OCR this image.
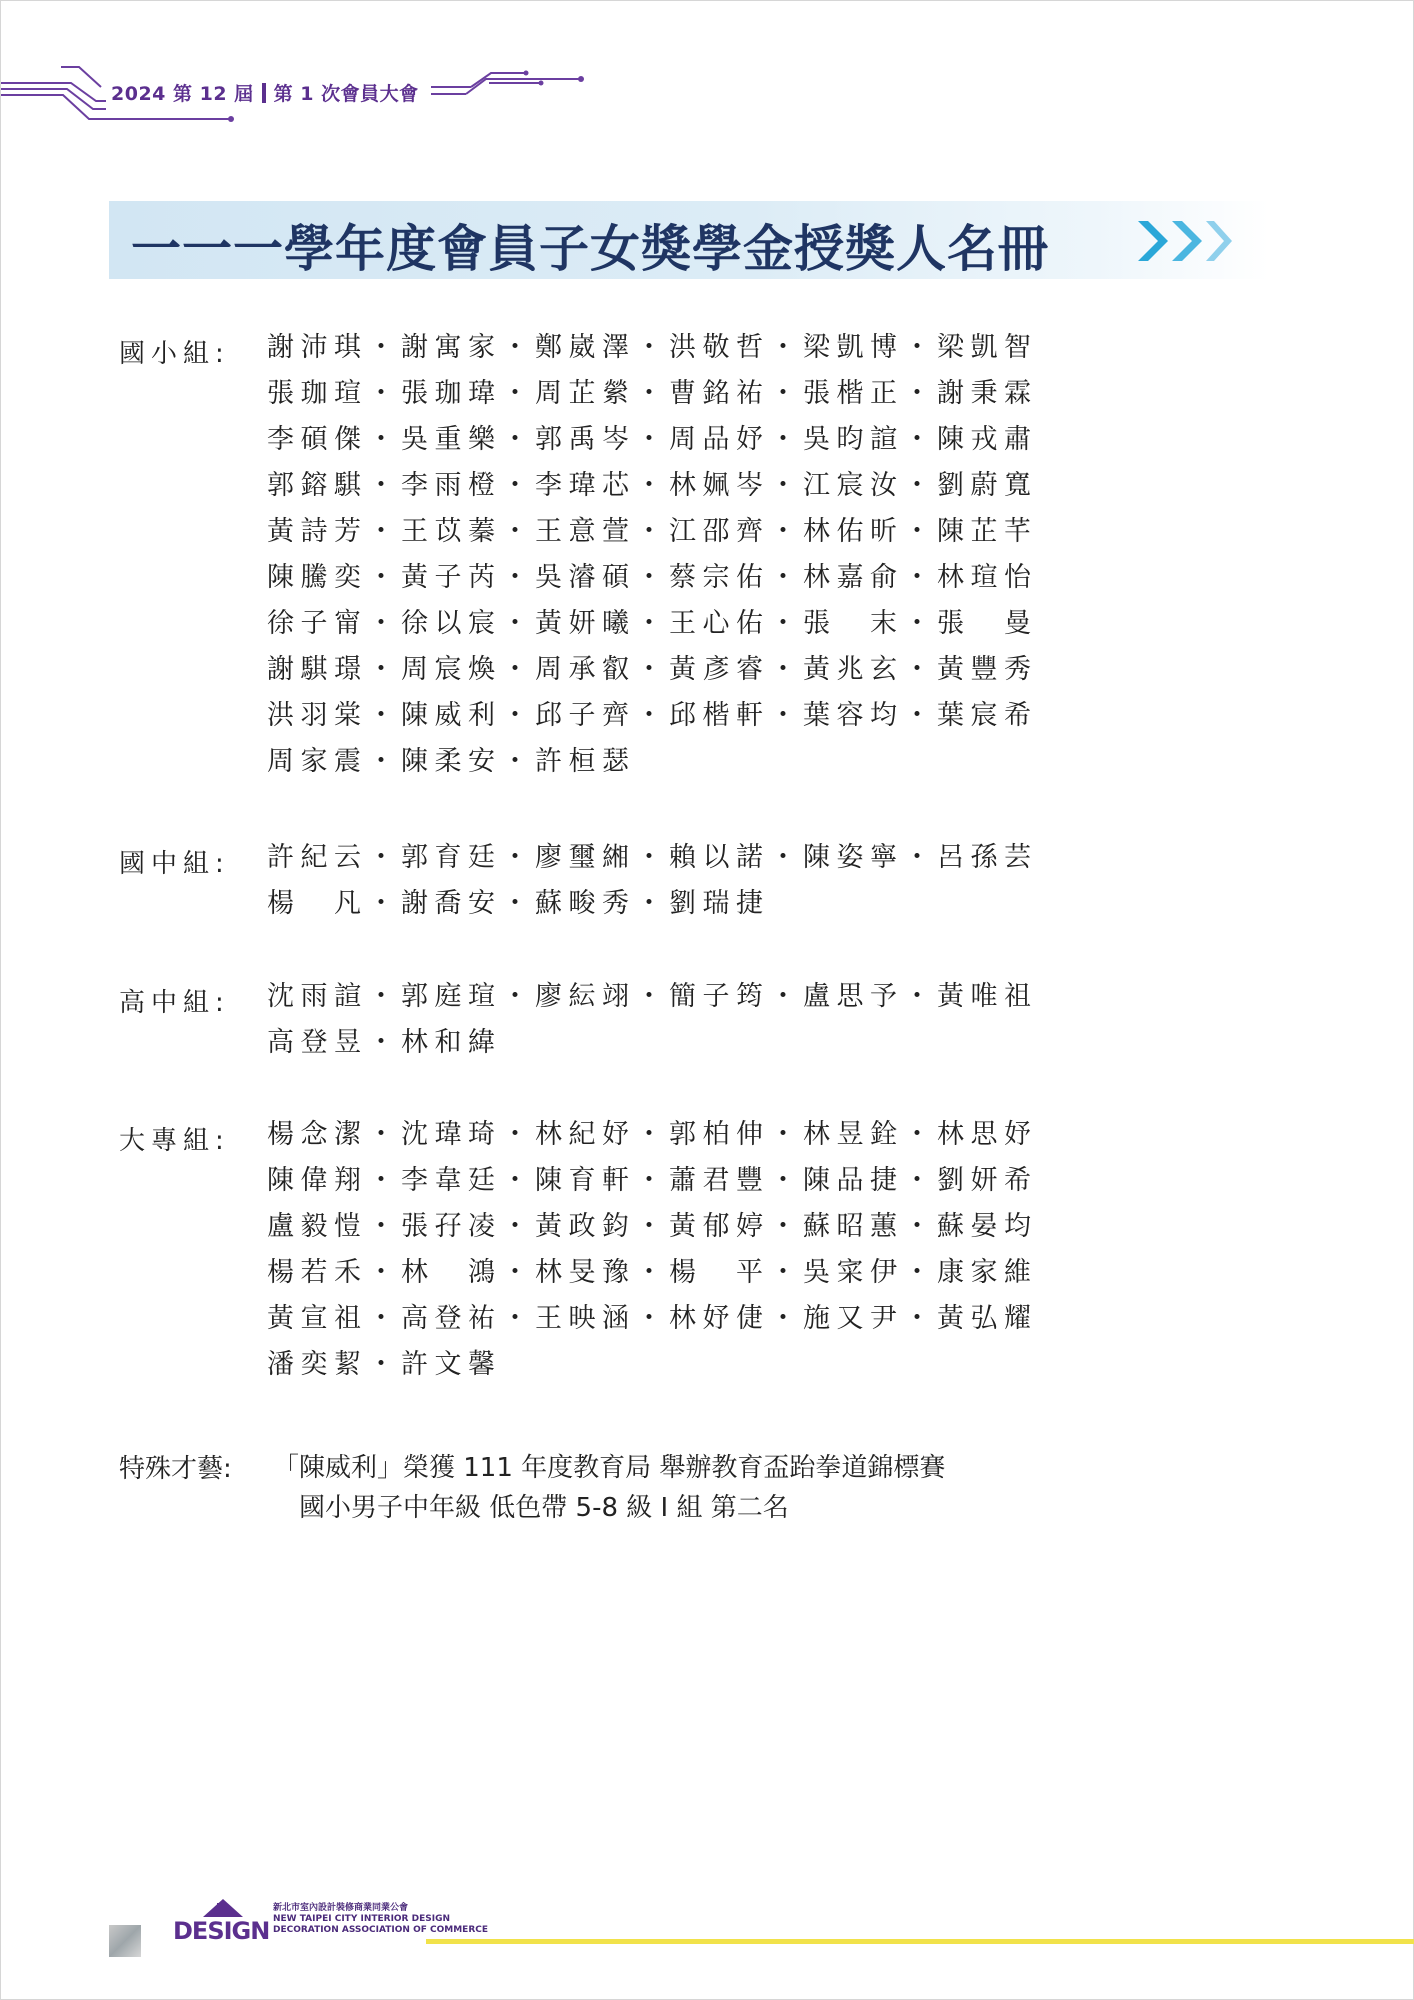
2024 第 12 屆 第 1 次會員大會
一一一學年度會員子女獎學金授獎人名冊
國小組: 謝沛琪・謝寓家・鄭崴澤・洪敬哲・梁凱博・梁凱智
張珈瑄・張珈瑋・周芷縈・曹銘祐・張楷正・謝秉霖
李碩傑・吳重樂・郭禹岑・周品妤・吳昀諠・陳戎肅
郭鎔騏・李雨橙・李瑋芯・林姵岑・江宸汝・劉蔚寬
黃詩芳・王苡蓁・王意萱・江邵齊・林佑昕・陳芷芊
陳騰奕・黃子芮・吳濬碩・蔡宗佑・林嘉俞・林瑄怡
徐子甯・徐以宸・黃妍曦・王心佑・張　末・張　曼
謝騏璟・周宸煥・周承叡・黃彥睿・黃兆玄・黃豐秀
洪羽棠・陳威利・邱子齊・邱楷軒・葉容均・葉宸希
周家震・陳柔安・許桓瑟
國中組: 許紀云・郭育廷・廖璽緗・賴以諾・陳姿寧・呂孫芸
楊　凡・謝喬安・蘇畯秀・劉瑞捷
高中組: 沈雨諠・郭庭瑄・廖紜翊・簡子筠・盧思予・黃唯祖
高登昱・林和緯
大專組: 楊念潔・沈瑋琦・林紀妤・郭柏伸・林昱銓・林思妤
陳偉翔・李韋廷・陳育軒・蕭君豐・陳品捷・劉妍希
盧毅愷・張孖凌・黃政鈞・黃郁婷・蘇昭蕙・蘇晏均
楊若禾・林　鴻・林旻豫・楊　平・吳寀伊・康家維
黃宣祖・高登祐・王映涵・林妤倢・施又尹・黃弘耀
潘奕絜・許文馨
特殊才藝: 「陳威利」榮獲 111 年度教育局 舉辦教育盃跆拳道錦標賽
國小男子中年級 低色帶 5-8 級 I 組 第二名
DESIGN
新北市室內設計裝修商業同業公會
NEW TAIPEI CITY INTERIOR DESIGN
DECORATION ASSOCIATION OF COMMERCE
